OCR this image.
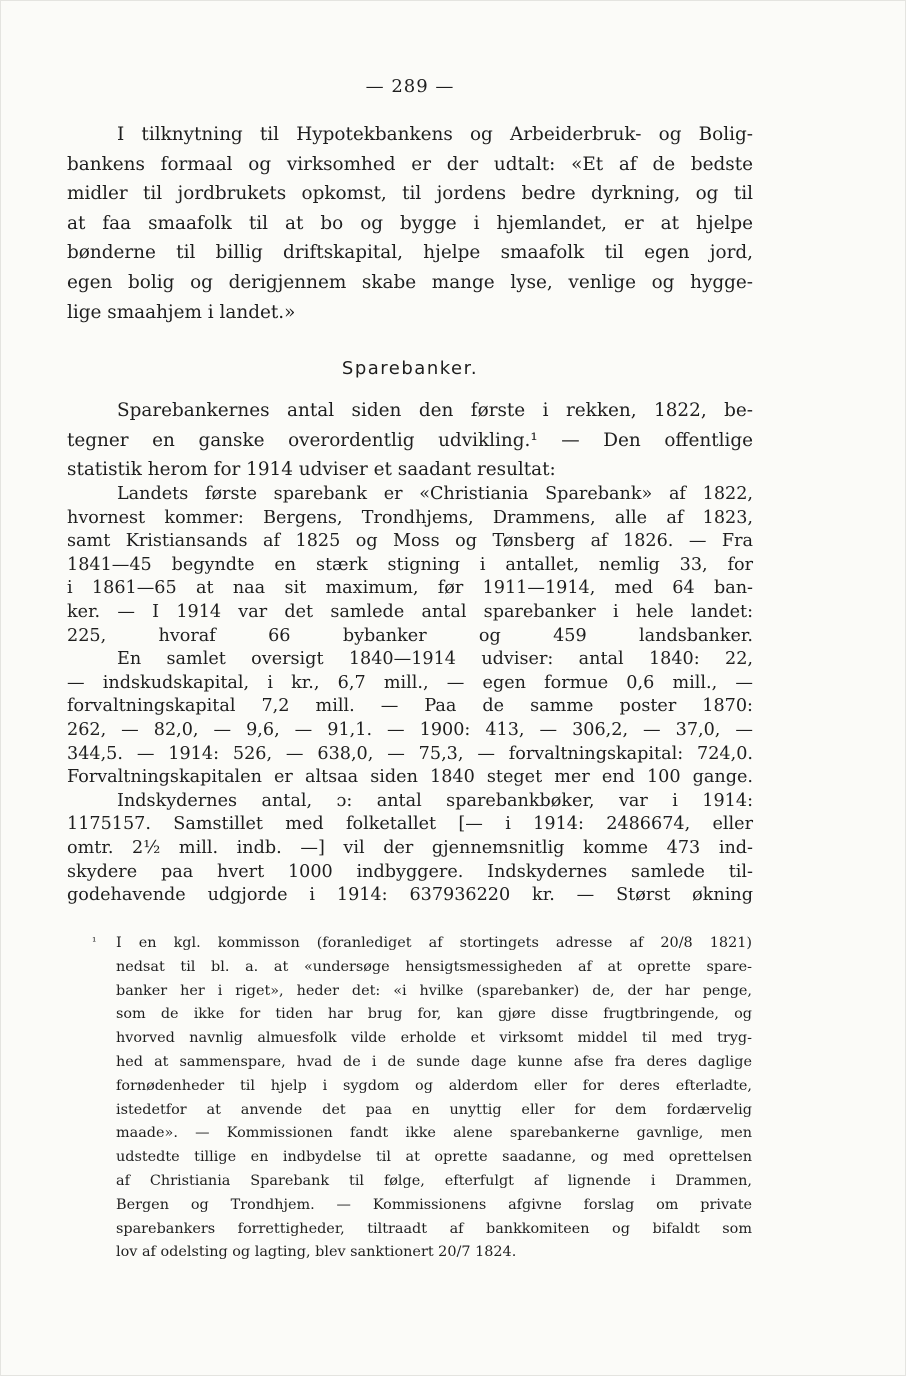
— 289 —
I tilknytning til Hypotekbankens og Arbeiderbruk- og Bolig-
bankens formaal og virksomhed er der udtalt: «Et af de bedste
midler til jordbrukets opkomst, til jordens bedre dyrkning, og til
at faa smaafolk til at bo og bygge i hjemlandet, er at hjelpe
bønderne til billig driftskapital, hjelpe smaafolk til egen jord,
egen bolig og derigjennem skabe mange lyse, venlige og hygge-
lige smaahjem i landet.»
Sparebanker.
Sparebankernes antal siden den første i rekken, 1822, be-
tegner en ganske overordentlig udvikling.¹ — Den offentlige
statistik herom for 1914 udviser et saadant resultat:
Landets første sparebank er «Christiania Sparebank» af 1822,
hvornest kommer: Bergens, Trondhjems, Drammens, alle af 1823,
samt Kristiansands af 1825 og Moss og Tønsberg af 1826. — Fra
1841—45 begyndte en stærk stigning i antallet, nemlig 33, for
i 1861—65 at naa sit maximum, før 1911—1914, med 64 ban-
ker. — I 1914 var det samlede antal sparebanker i hele landet:
225, hvoraf 66 bybanker og 459 landsbanker.
En samlet oversigt 1840—1914 udviser: antal 1840: 22,
— indskudskapital, i kr., 6,7 mill., — egen formue 0,6 mill., —
forvaltningskapital 7,2 mill. — Paa de samme poster 1870:
262, — 82,0, — 9,6, — 91,1. — 1900: 413, — 306,2, — 37,0, —
344,5. — 1914: 526, — 638,0, — 75,3, — forvaltningskapital: 724,0.
Forvaltningskapitalen er altsaa siden 1840 steget mer end 100 gange.
Indskydernes antal, ɔ: antal sparebankbøker, var i 1914:
1175157. Samstillet med folketallet [— i 1914: 2486674, eller
omtr. 2½ mill. indb. —] vil der gjennemsnitlig komme 473 ind-
skydere paa hvert 1000 indbyggere. Indskydernes samlede til-
godehavende udgjorde i 1914: 637936220 kr. — Størst økning
¹ I en kgl. kommisson (foranlediget af stortingets adresse af 20/8 1821)
nedsat til bl. a. at «undersøge hensigtsmessigheden af at oprette spare-
banker her i riget», heder det: «i hvilke (sparebanker) de, der har penge,
som de ikke for tiden har brug for, kan gjøre disse frugtbringende, og
hvorved navnlig almuesfolk vilde erholde et virksomt middel til med tryg-
hed at sammenspare, hvad de i de sunde dage kunne afse fra deres daglige
fornødenheder til hjelp i sygdom og alderdom eller for deres efterladte,
istedetfor at anvende det paa en unyttig eller for dem fordærvelig
maade». — Kommissionen fandt ikke alene sparebankerne gavnlige, men
udstedte tillige en indbydelse til at oprette saadanne, og med oprettelsen
af Christiania Sparebank til følge, efterfulgt af lignende i Drammen,
Bergen og Trondhjem. — Kommissionens afgivne forslag om private
sparebankers forrettigheder, tiltraadt af bankkomiteen og bifaldt som
lov af odelsting og lagting, blev sanktionert 20/7 1824.
